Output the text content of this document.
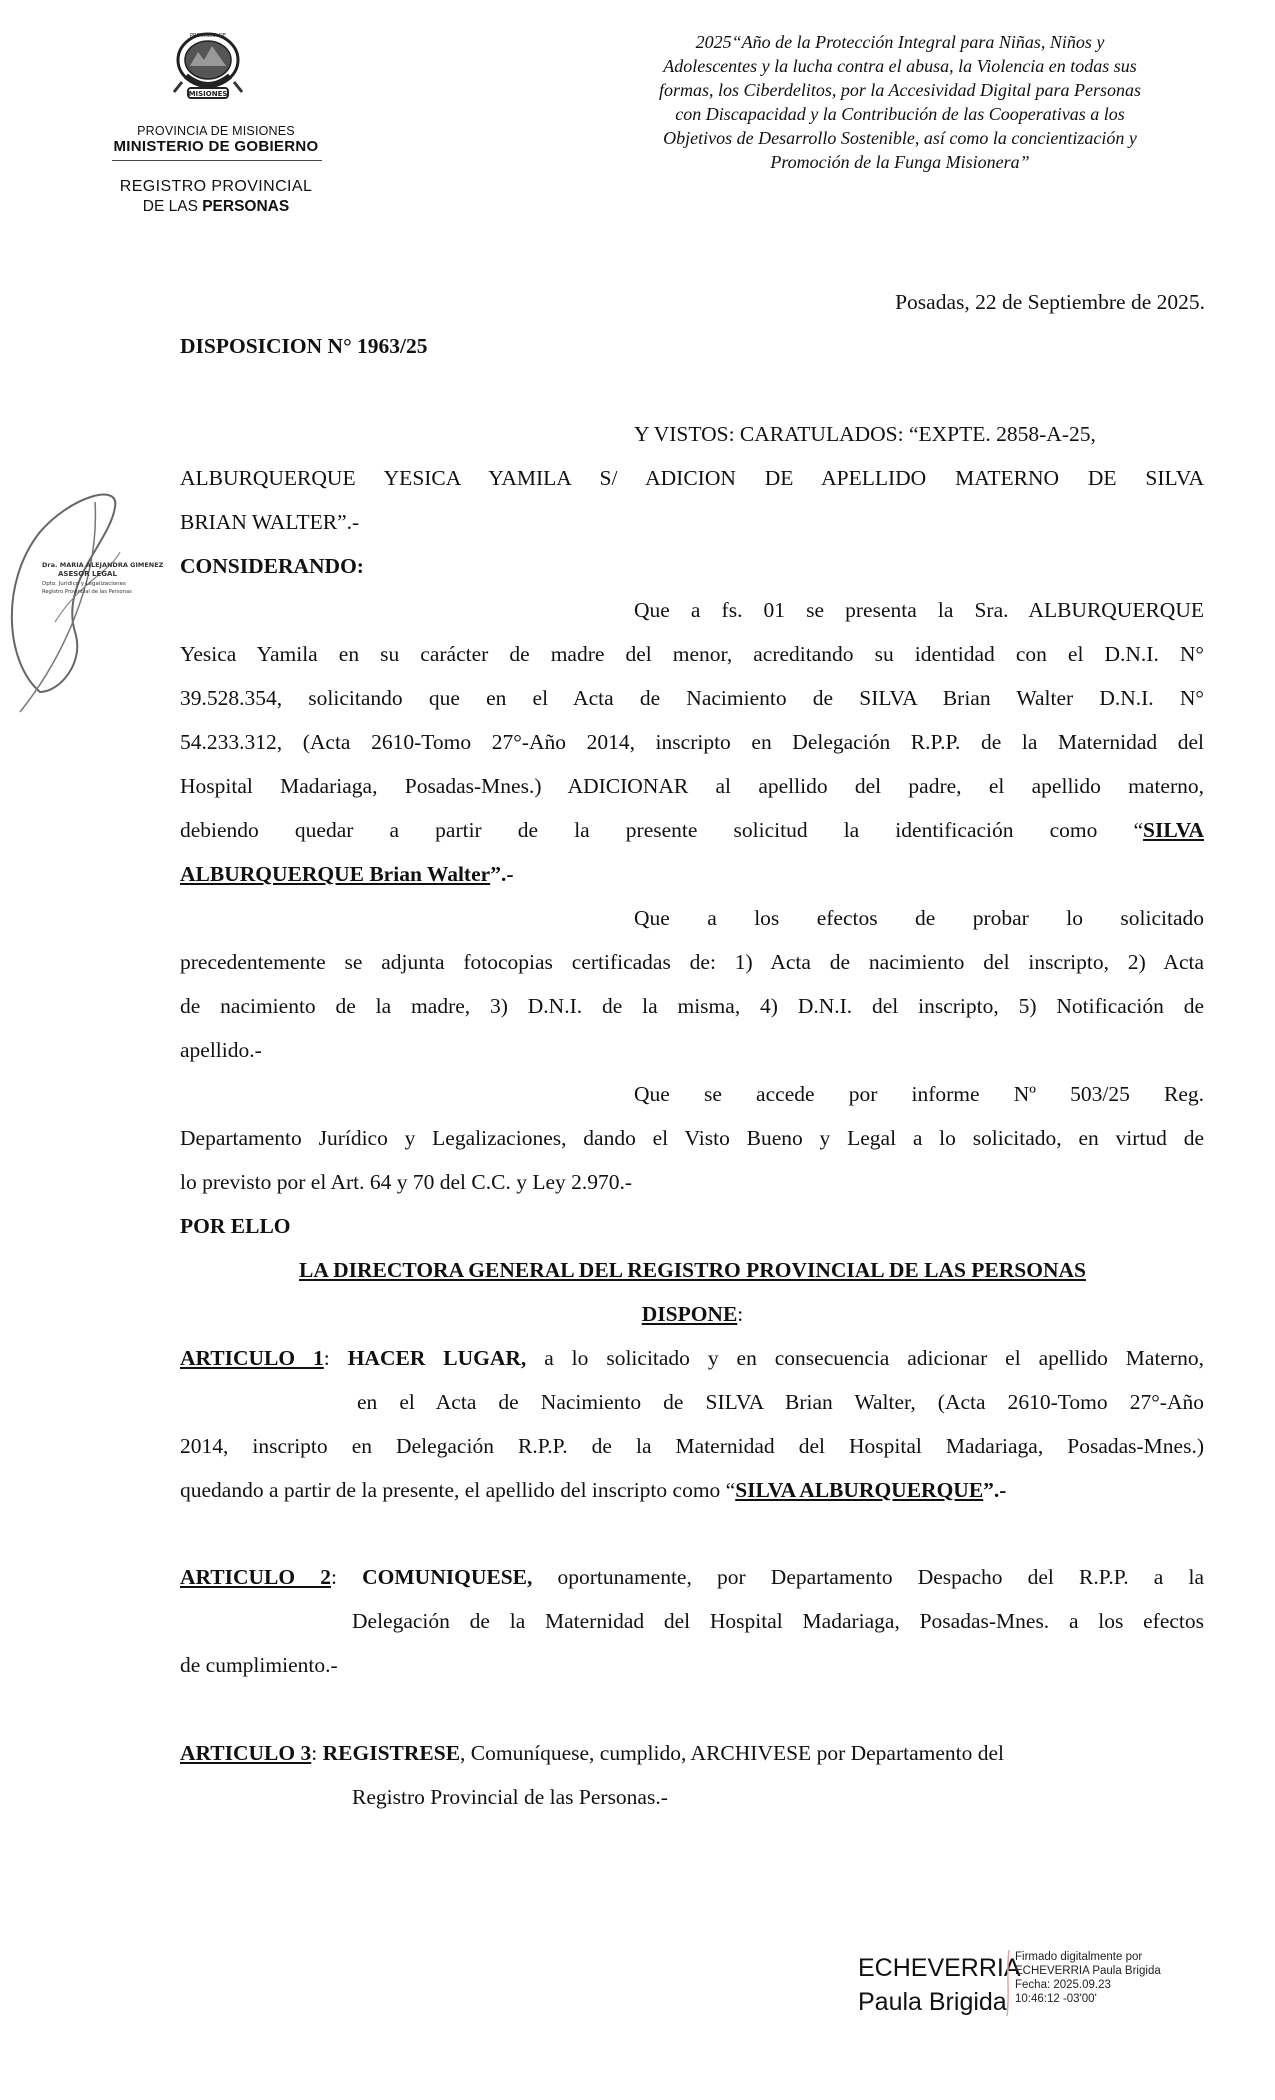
MISIONES
PROVINCIA DE
PROVINCIA DE MISIONES
MINISTERIO DE GOBIERNO
REGISTRO PROVINCIAL
DE LAS PERSONAS
2025“Año de la Protección Integral para Niñas, Niños y
Adolescentes y la lucha contra el abusa, la Violencia en todas sus
formas, los Ciberdelitos, por la Accesividad Digital para Personas
con Discapacidad y la Contribución de las Cooperativas a los
Objetivos de Desarrollo Sostenible, así como la concientización y
Promoción de la Funga Misionera”
Dra. MARIA ALEJANDRA GIMENEZ
ASESOR LEGAL
Dpto. Jurídico y Legalizaciones
Registro Provincial de las Personas
Posadas, 22 de Septiembre de 2025.
DISPOSICION N° 1963/25
Y VISTOS: CARATULADOS: “EXPTE. 2858-A-25,
ALBURQUERQUE YESICA YAMILA S/ ADICION DE APELLIDO MATERNO DE SILVA
BRIAN WALTER”.-
CONSIDERANDO:
Que a fs. 01 se presenta la Sra. ALBURQUERQUE
Yesica Yamila en su carácter de madre del menor, acreditando su identidad con el D.N.I. N°
39.528.354, solicitando que en el Acta de Nacimiento de SILVA Brian Walter D.N.I. N°
54.233.312, (Acta 2610-Tomo 27°-Año 2014, inscripto en Delegación R.P.P. de la Maternidad del
Hospital Madariaga, Posadas-Mnes.) ADICIONAR al apellido del padre, el apellido materno,
debiendo quedar a partir de la presente solicitud la identificación como “SILVA
ALBURQUERQUE Brian Walter”.-
Que a los efectos de probar lo solicitado
precedentemente se adjunta fotocopias certificadas de: 1) Acta de nacimiento del inscripto, 2) Acta
de nacimiento de la madre, 3) D.N.I. de la misma, 4) D.N.I. del inscripto, 5) Notificación de
apellido.-
Que se accede por informe Nº 503/25 Reg.
Departamento Jurídico y Legalizaciones, dando el Visto Bueno y Legal a lo solicitado, en virtud de
lo previsto por el Art. 64 y 70 del C.C. y Ley 2.970.-
POR ELLO
LA DIRECTORA GENERAL DEL REGISTRO PROVINCIAL DE LAS PERSONAS
DISPONE:
ARTICULO 1: HACER LUGAR, a lo solicitado y en consecuencia adicionar el apellido Materno,
en el Acta de Nacimiento de SILVA Brian Walter, (Acta 2610-Tomo 27°-Año
2014, inscripto en Delegación R.P.P. de la Maternidad del Hospital Madariaga, Posadas-Mnes.)
quedando a partir de la presente, el apellido del inscripto como “SILVA ALBURQUERQUE”.-
ARTICULO 2: COMUNIQUESE, oportunamente, por Departamento Despacho del R.P.P. a la
Delegación de la Maternidad del Hospital Madariaga, Posadas-Mnes. a los efectos
de cumplimiento.-
ARTICULO 3: REGISTRESE, Comuníquese, cumplido, ARCHIVESE por Departamento del
Registro Provincial de las Personas.-
ECHEVERRIA
Paula Brigida
Firmado digitalmente por
ECHEVERRIA Paula Brigida
Fecha: 2025.09.23
10:46:12 -03'00'
